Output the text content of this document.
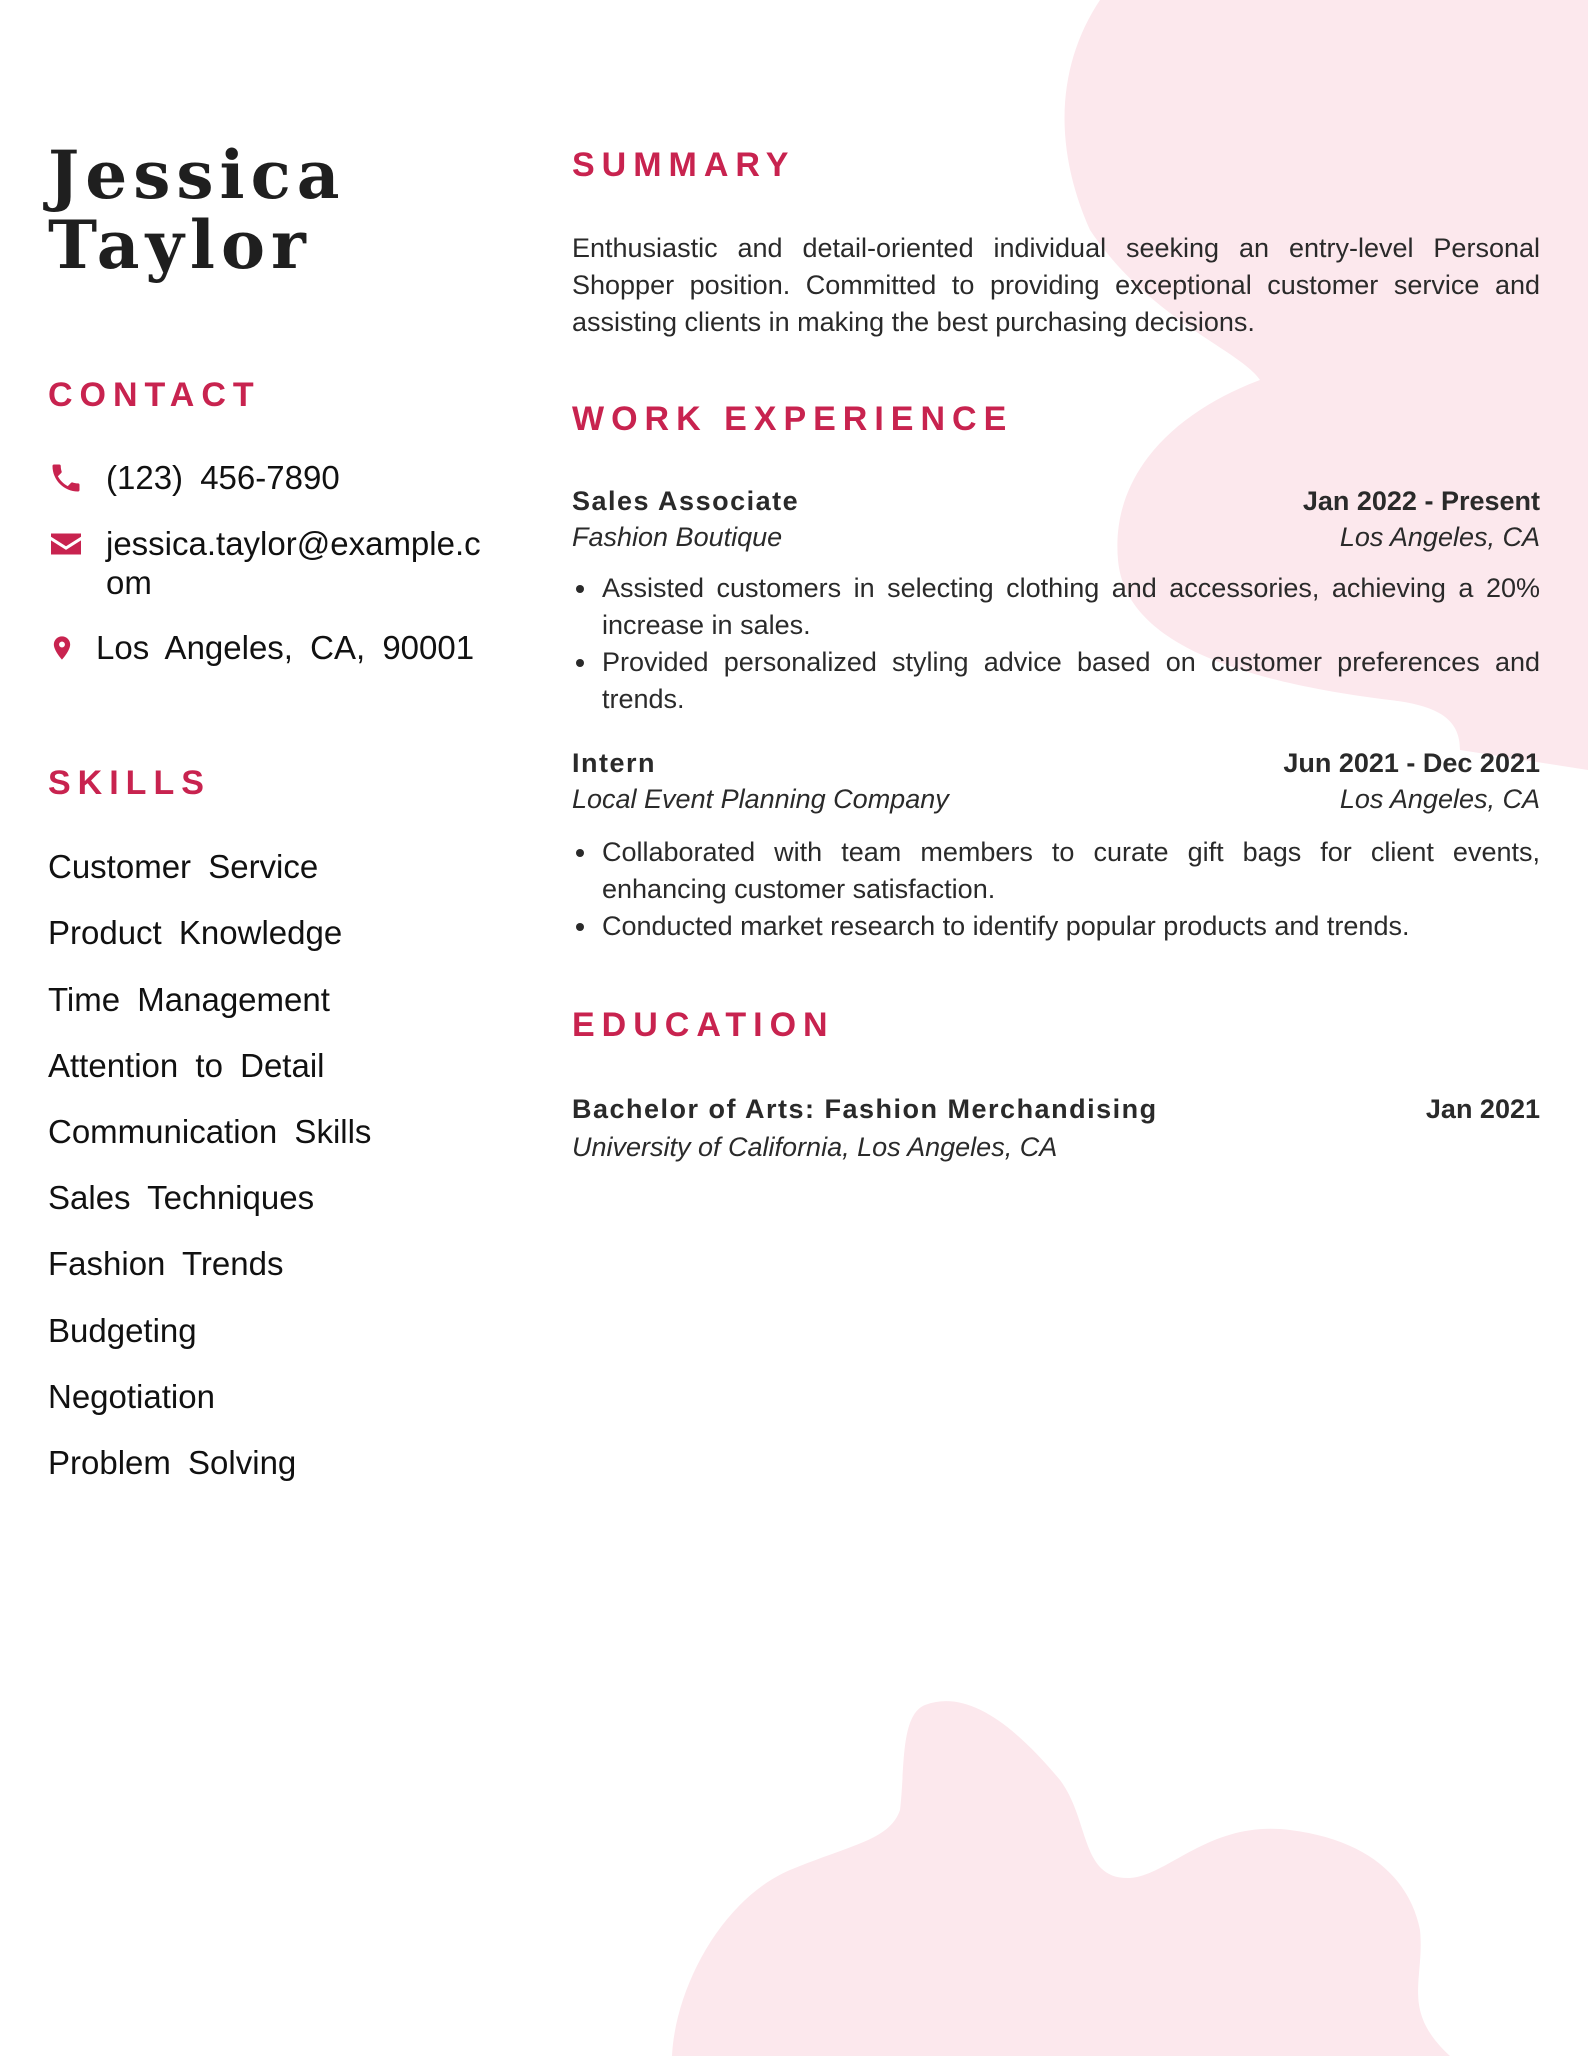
Jessica
Taylor
CONTACT
(123) 456-7890
jessica.taylor@example.com
Los Angeles, CA, 90001
SKILLS
Customer Service
Product Knowledge
Time Management
Attention to Detail
Communication Skills
Sales Techniques
Fashion Trends
Budgeting
Negotiation
Problem Solving
SUMMARY

Enthusiastic and detail-oriented individual seeking an entry-level Personal Shopper position. Committed to providing exceptional customer service and assisting clients in making the best purchasing decisions.

WORK EXPERIENCE
Sales Associate	Jan 2022 - Present
Fashion Boutique	Los Angeles, CA
Assisted customers in selecting clothing and accessories, achieving a 20% increase in sales.
Provided personalized styling advice based on customer preferences and trends.
Intern	Jun 2021 - Dec 2021
Local Event Planning Company	Los Angeles, CA
Collaborated with team members to curate gift bags for client events, enhancing customer satisfaction.
Conducted market research to identify popular products and trends.
EDUCATION
Bachelor of Arts: Fashion Merchandising	Jan 2021
University of California, Los Angeles, CA
